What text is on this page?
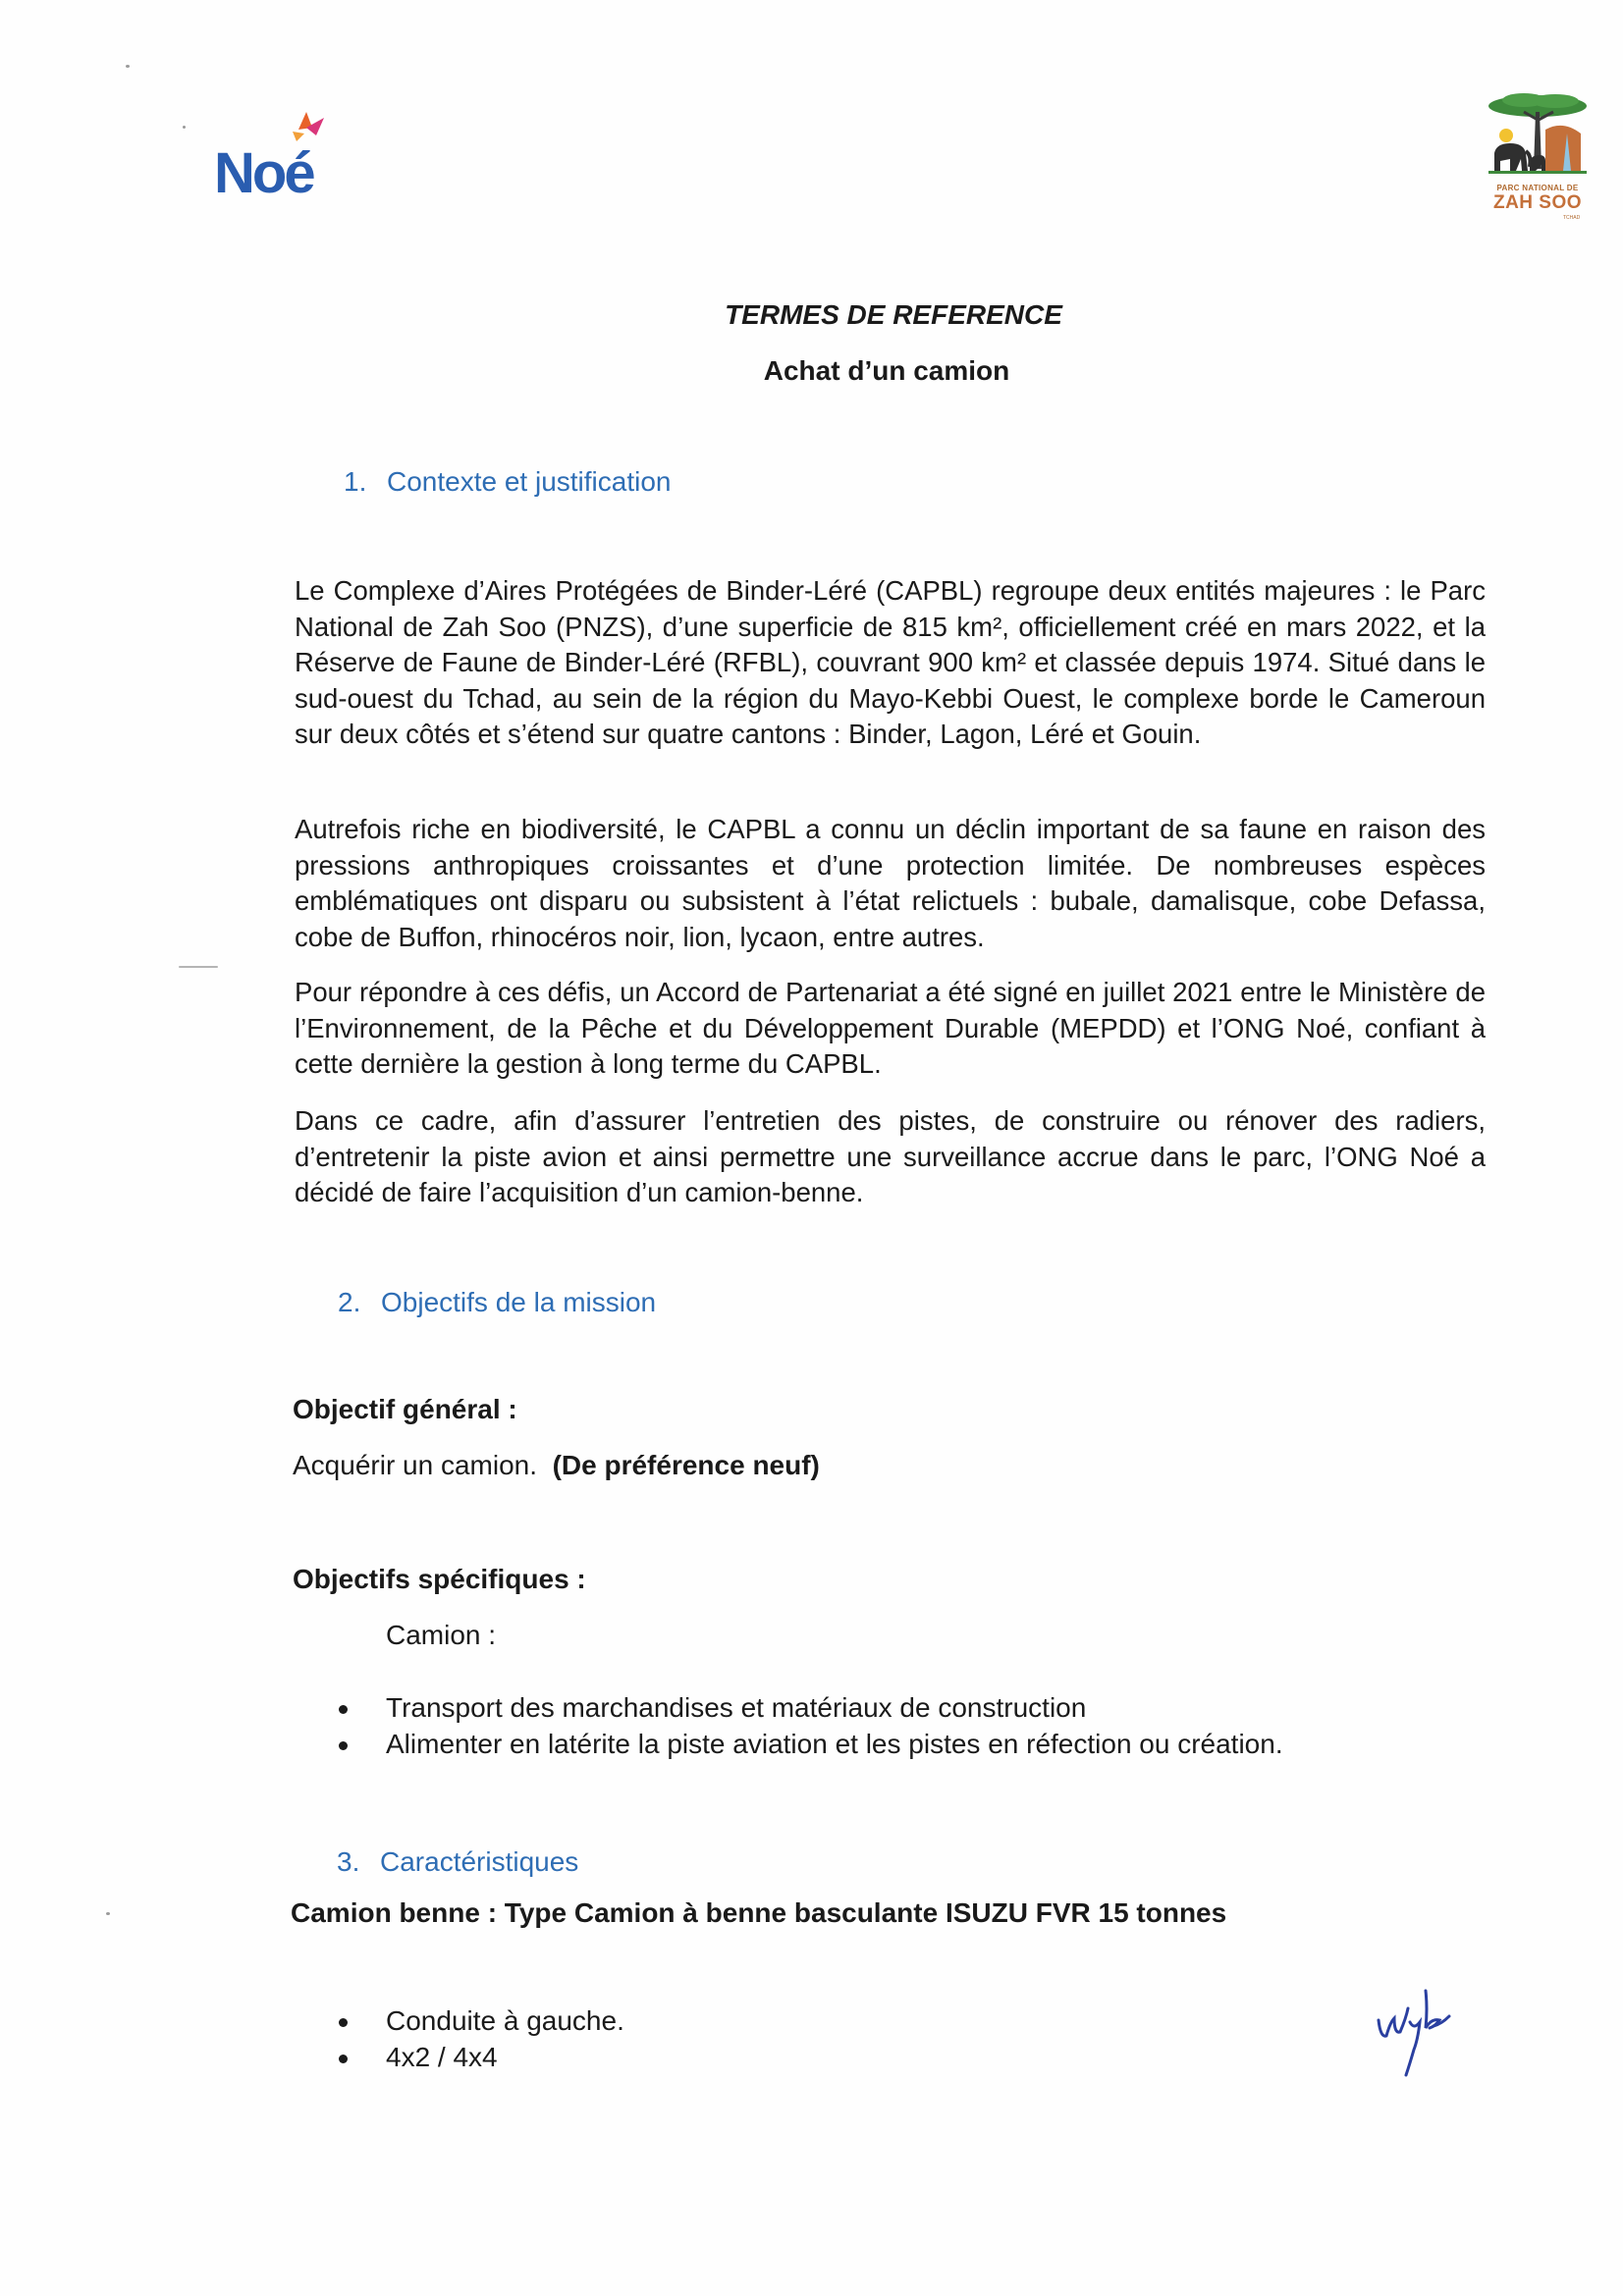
Noé	PARC NATIONAL DE
ZAH SOO
TCHAD
TERMES DE REFERENCE
Achat d’un camion
1. Contexte et justification
Le Complexe d’Aires Protégées de Binder-Léré (CAPBL) regroupe deux entités majeures : le Parc National de Zah Soo (PNZS), d’une superficie de 815 km², officiellement créé en mars 2022, et la Réserve de Faune de Binder-Léré (RFBL), couvrant 900 km² et classée depuis 1974. Situé dans le sud-ouest du Tchad, au sein de la région du Mayo-Kebbi Ouest, le complexe borde le Cameroun sur deux côtés et s’étend sur quatre cantons : Binder, Lagon, Léré et Gouin.
Autrefois riche en biodiversité, le CAPBL a connu un déclin important de sa faune en raison des pressions anthropiques croissantes et d’une protection limitée. De nombreuses espèces emblématiques ont disparu ou subsistent à l’état relictuels : bubale, damalisque, cobe Defassa, cobe de Buffon, rhinocéros noir, lion, lycaon, entre autres.
Pour répondre à ces défis, un Accord de Partenariat a été signé en juillet 2021 entre le Ministère de l’Environnement, de la Pêche et du Développement Durable (MEPDD) et l’ONG Noé, confiant à cette dernière la gestion à long terme du CAPBL.
Dans ce cadre, afin d’assurer l’entretien des pistes, de construire ou rénover des radiers, d’entretenir la piste avion et ainsi permettre une surveillance accrue dans le parc, l’ONG Noé a décidé de faire l’acquisition d’un camion-benne.
2. Objectifs de la mission
Objectif général :
Acquérir un camion. (De préférence neuf)
Objectifs spécifiques :
Camion :
Transport des marchandises et matériaux de construction
Alimenter en latérite la piste aviation et les pistes en réfection ou création.
3. Caractéristiques
Camion benne : Type Camion à benne basculante ISUZU FVR 15 tonnes
Conduite à gauche.
4x2 / 4x4
